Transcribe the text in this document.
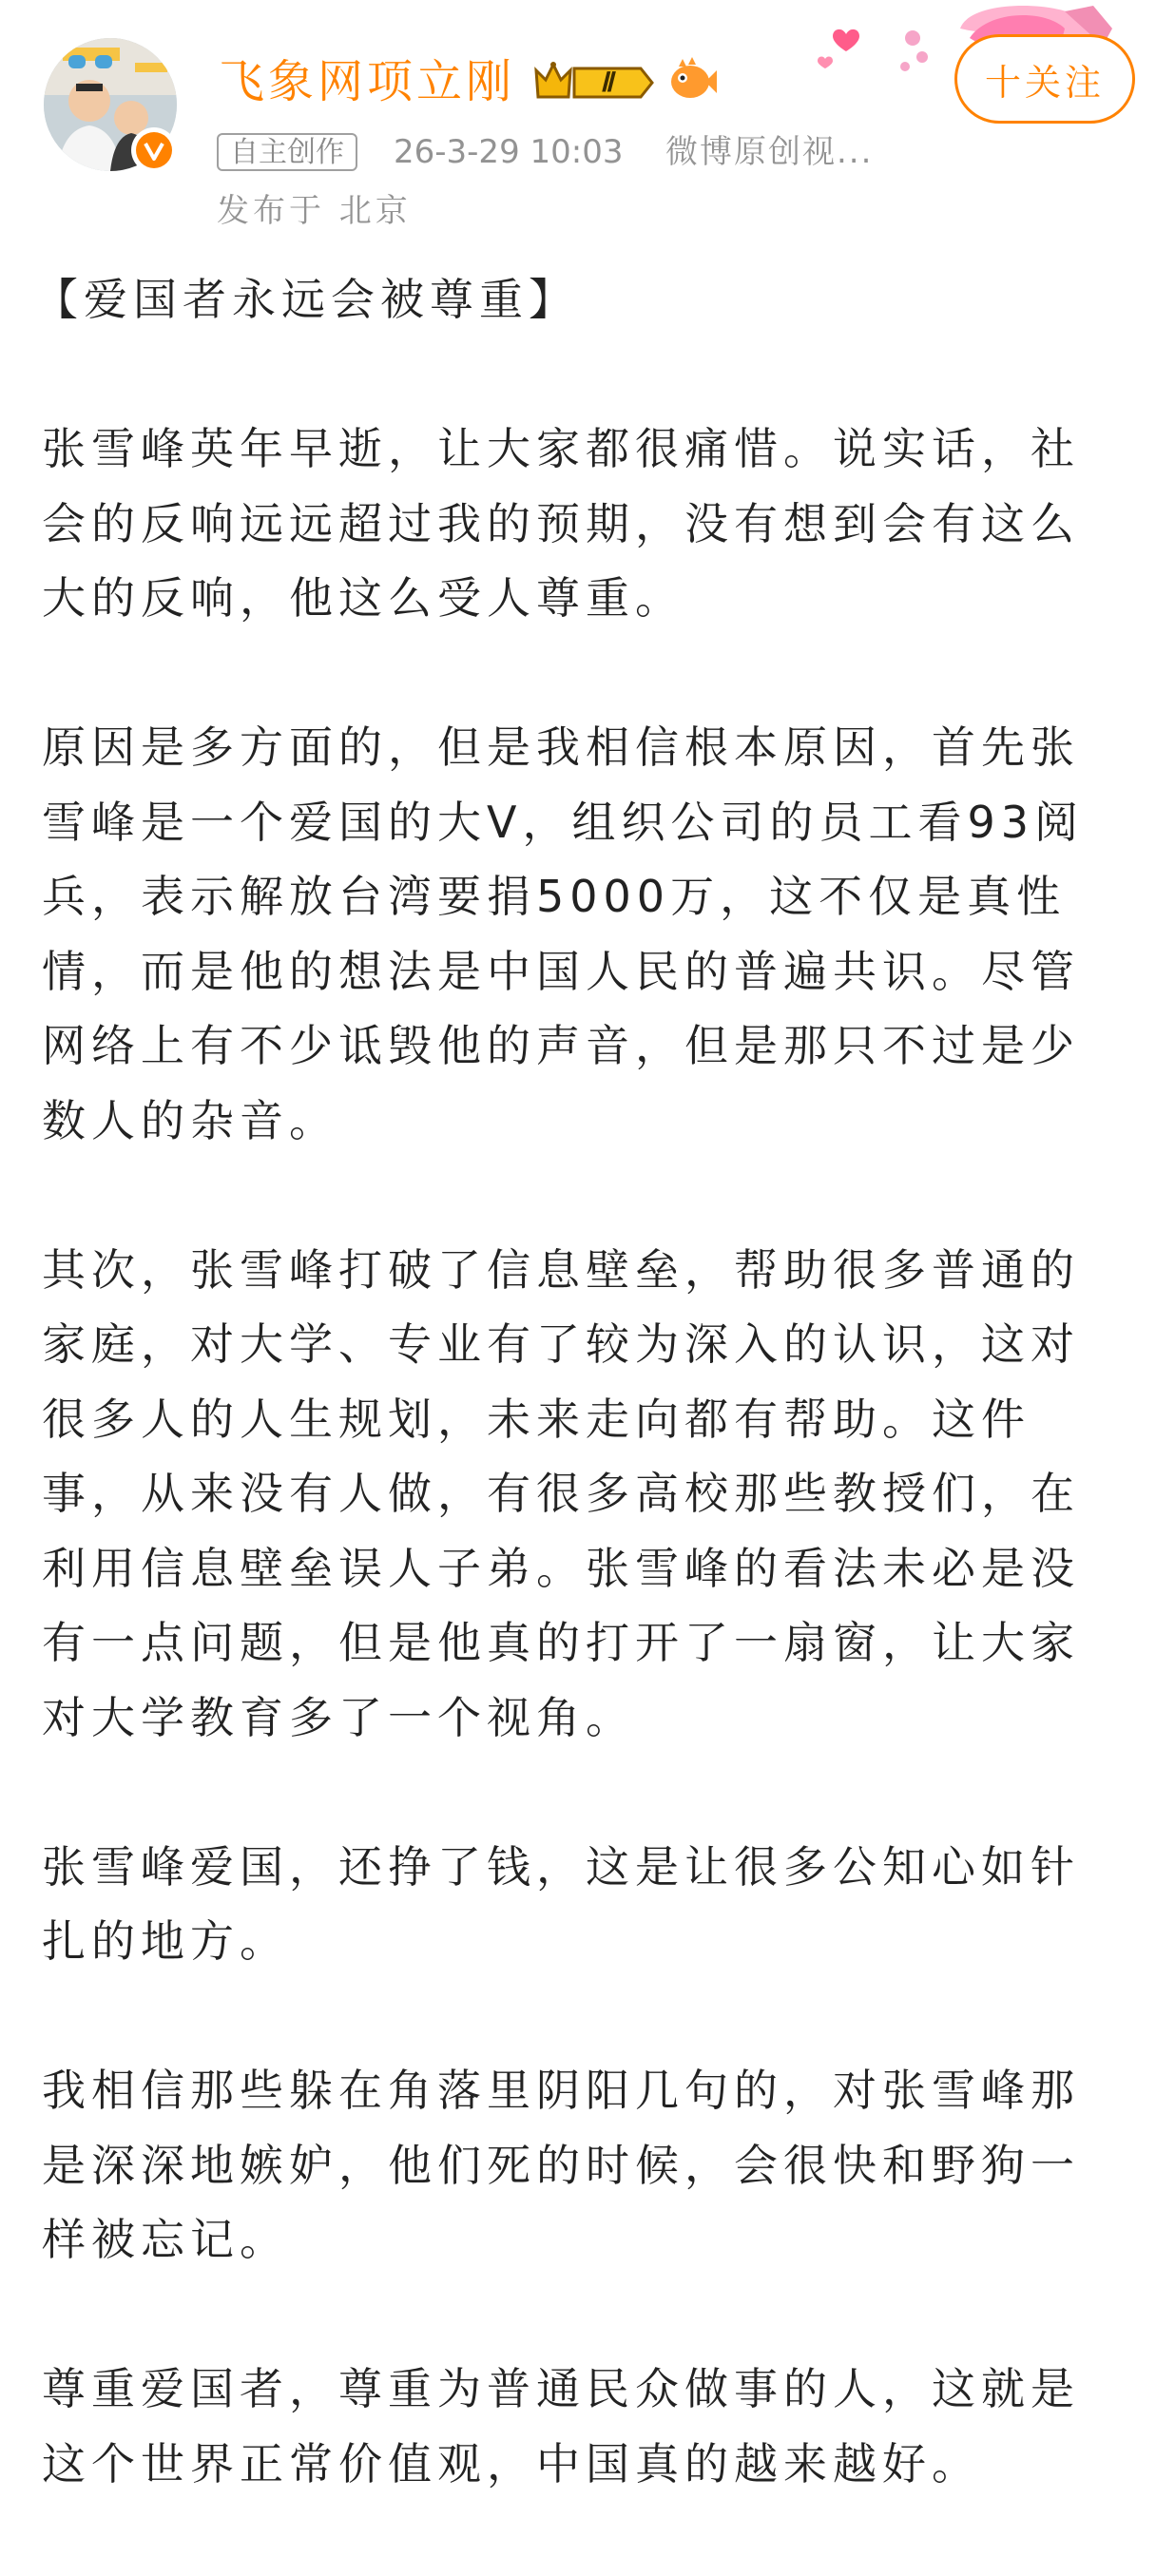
飞象网项立刚	Ⅱ	十关注
自主创作	26-3-29 10:03 微博原创视...
发布于 北京

【爱国者永远会被尊重】

张雪峰英年早逝，让大家都很痛惜。说实话，社会的反响远远超过我的预期，没有想到会有这么大的反响，他这么受人尊重。

原因是多方面的，但是我相信根本原因，首先张雪峰是一个爱国的大V，组织公司的员工看93阅兵，表示解放台湾要捐5000万，这不仅是真性情，而是他的想法是中国人民的普遍共识。尽管网络上有不少诋毁他的声音，但是那只不过是少数人的杂音。

其次，张雪峰打破了信息壁垒，帮助很多普通的家庭，对大学、专业有了较为深入的认识，这对很多人的人生规划，未来走向都有帮助。这件事，从来没有人做，有很多高校那些教授们，在利用信息壁垒误人子弟。张雪峰的看法未必是没有一点问题，但是他真的打开了一扇窗，让大家对大学教育多了一个视角。

张雪峰爱国，还挣了钱，这是让很多公知心如针扎的地方。

我相信那些躲在角落里阴阳几句的，对张雪峰那是深深地嫉妒，他们死的时候，会很快和野狗一样被忘记。

尊重爱国者，尊重为普通民众做事的人，这就是这个世界正常价值观，中国真的越来越好。
